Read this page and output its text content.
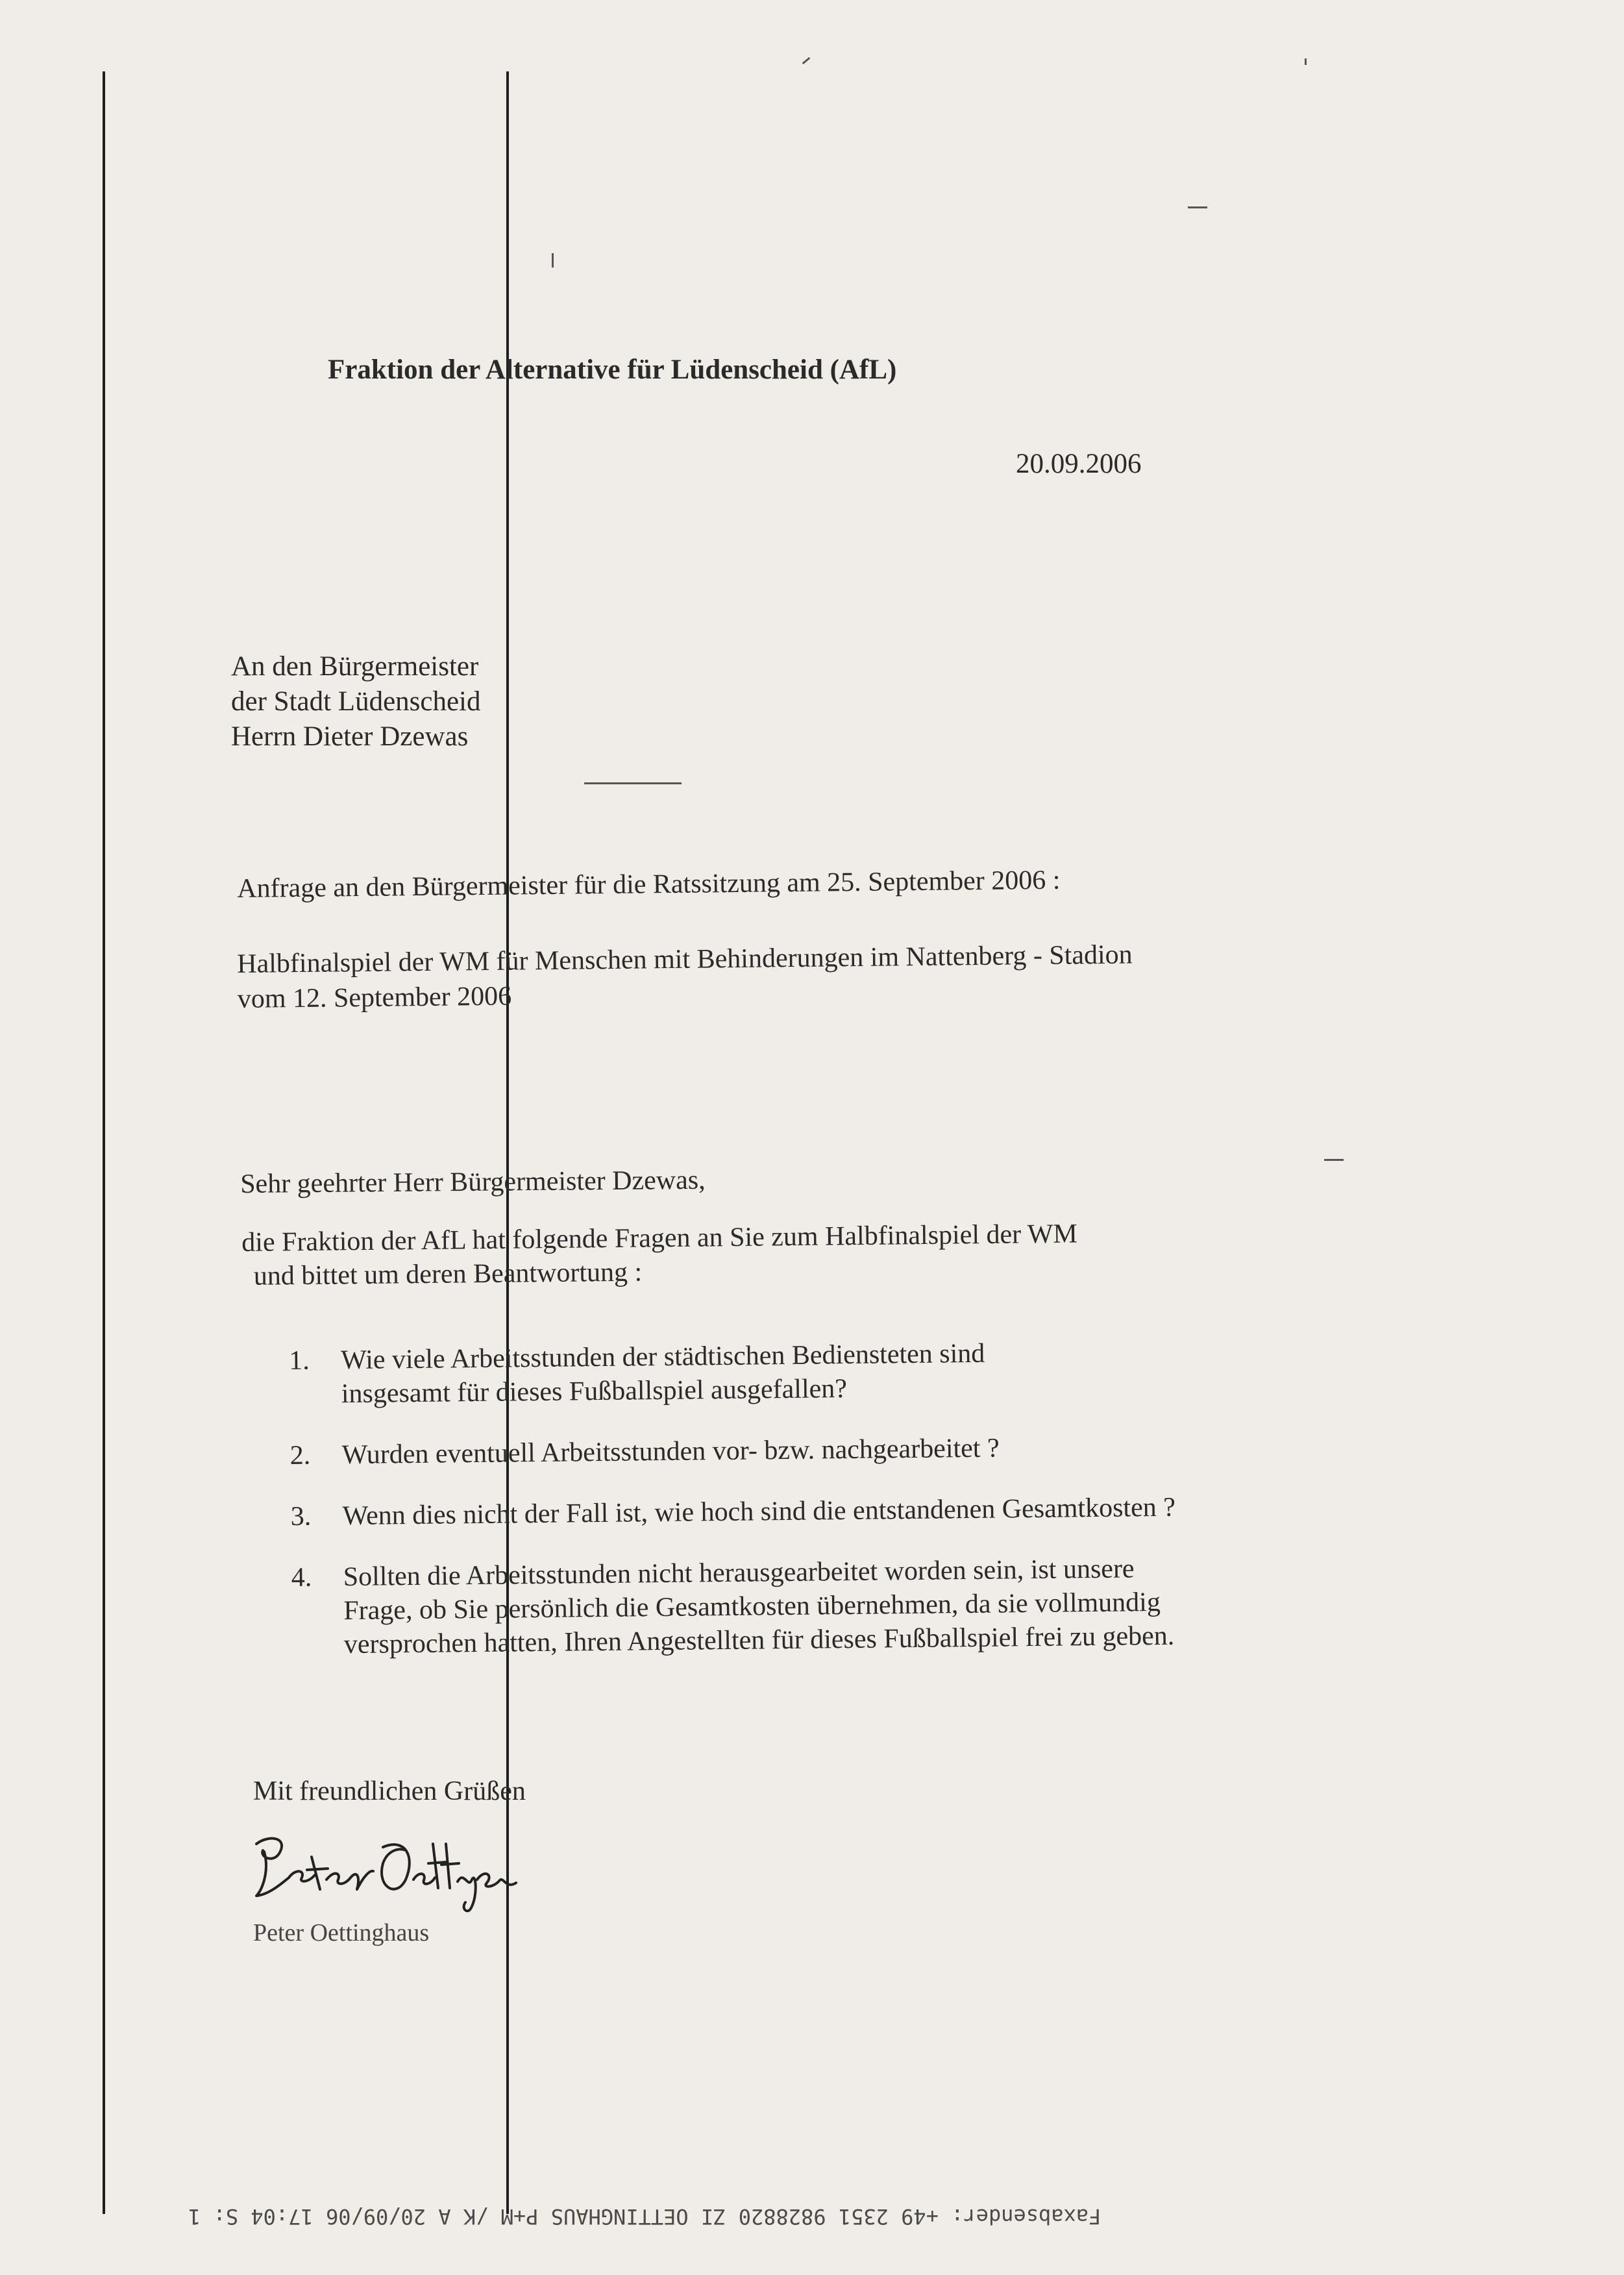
Fraktion der Alternative für Lüdenscheid (AfL)
20.09.2006
An den Bürgermeister
der Stadt Lüdenscheid
Herrn Dieter Dzewas
Anfrage an den Bürgermeister für die Ratssitzung am 25. September 2006 :
Halbfinalspiel der WM für Menschen mit Behinderungen im Nattenberg - Stadion
vom 12. September 2006
Sehr geehrter Herr Bürgermeister Dzewas,
die Fraktion der AfL hat folgende Fragen an Sie zum Halbfinalspiel der WM
und bittet um deren Beantwortung :
1.	Wie viele Arbeitsstunden der städtischen Bediensteten sind
insgesamt für dieses Fußballspiel ausgefallen?
2.	Wurden eventuell Arbeitsstunden vor- bzw. nachgearbeitet ?
3.	Wenn dies nicht der Fall ist, wie hoch sind die entstandenen Gesamtkosten ?
4.	Sollten die Arbeitsstunden nicht herausgearbeitet worden sein, ist unsere
Frage, ob Sie persönlich die Gesamtkosten übernehmen, da sie vollmundig
versprochen hatten, Ihren Angestellten für dieses Fußballspiel frei zu geben.
Mit freundlichen Grüßen
Peter Oettinghaus
Faxabsender: +49 2351 9828820 ZI OETTINGHAUS P+M /K A 20/09/06 17:04 S: 1
